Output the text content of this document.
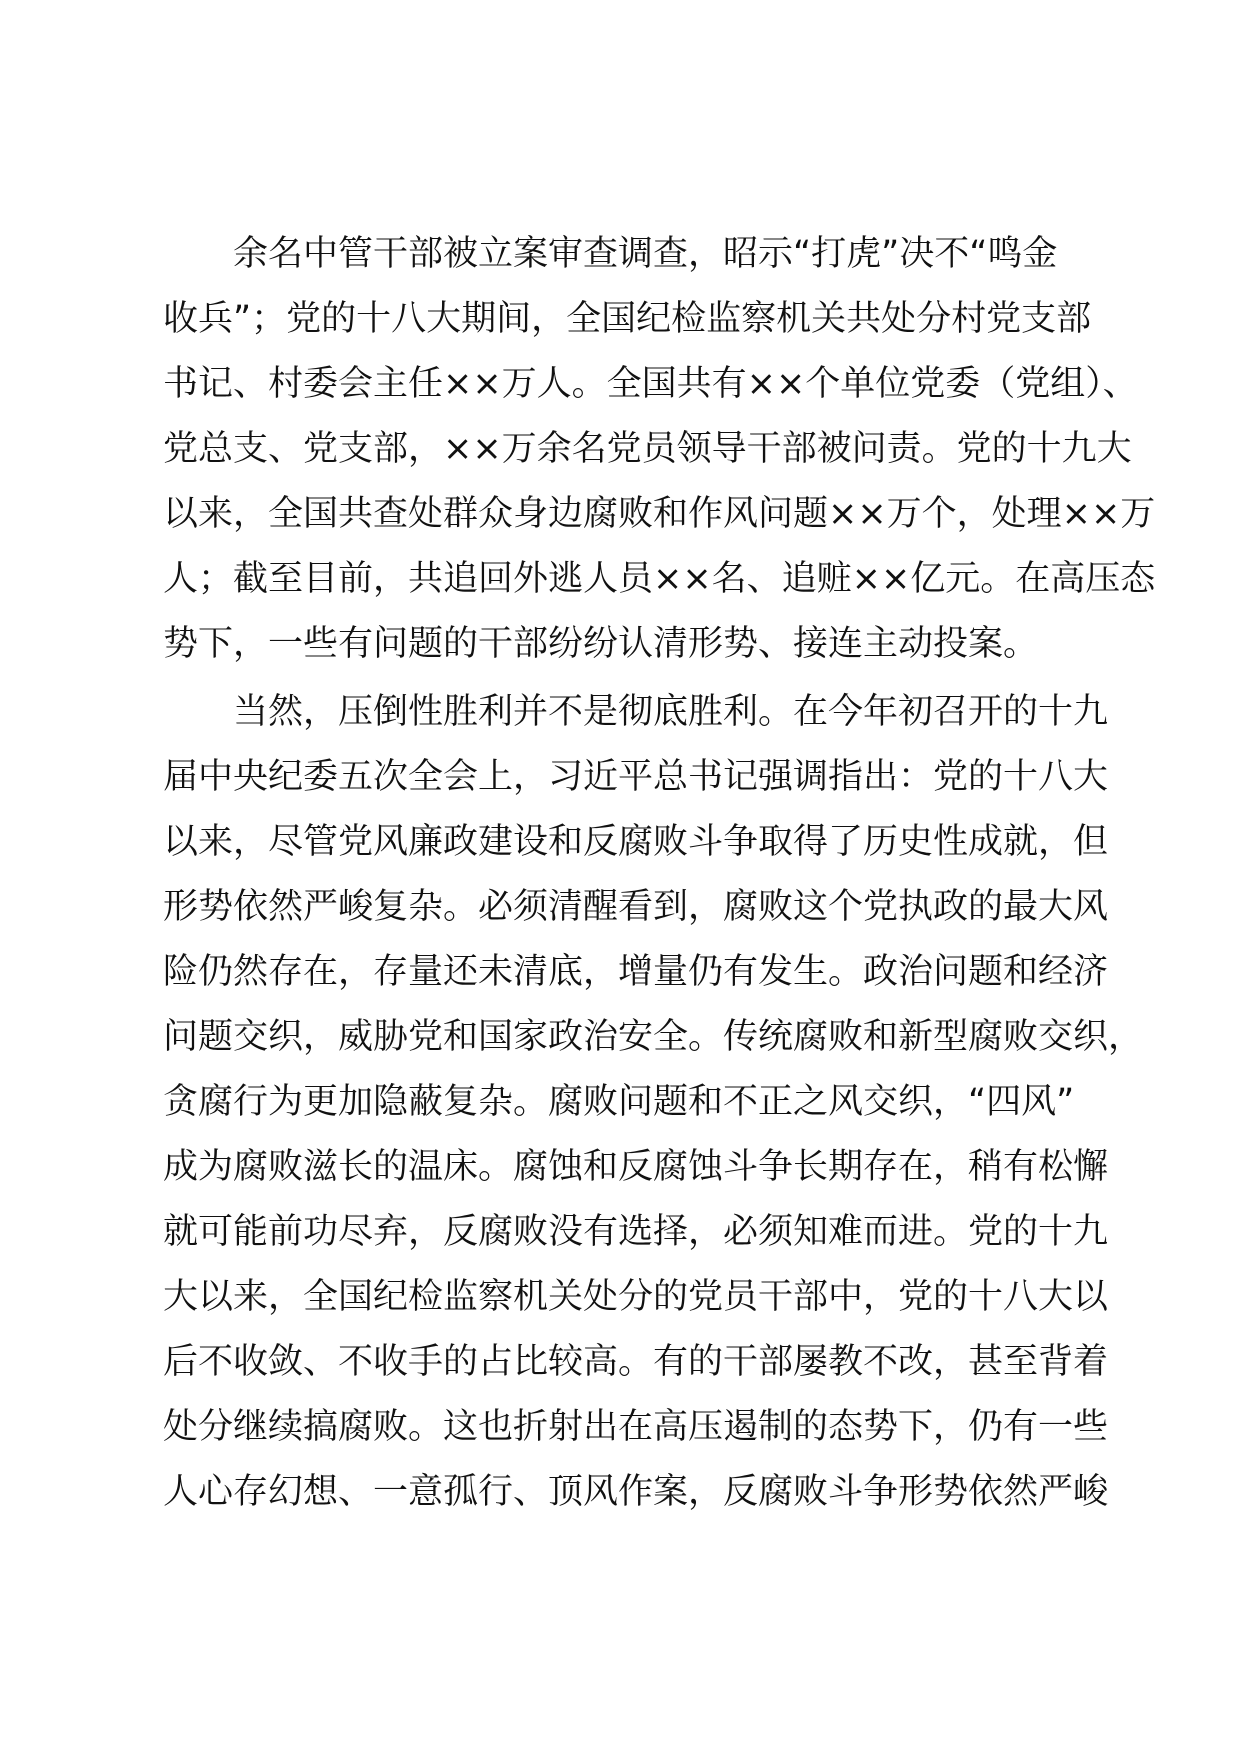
余名中管干部被立案审查调查，昭示“打虎”决不“鸣金
收兵”；党的十八大期间，全国纪检监察机关共处分村党支部
书记、村委会主任××万人。全国共有××个单位党委（党组）、
党总支、党支部，××万余名党员领导干部被问责。党的十九大
以来，全国共查处群众身边腐败和作风问题××万个，处理××万
人；截至目前，共追回外逃人员××名、追赃××亿元。在高压态
势下，一些有问题的干部纷纷认清形势、接连主动投案。
当然，压倒性胜利并不是彻底胜利。在今年初召开的十九
届中央纪委五次全会上，习近平总书记强调指出：党的十八大
以来，尽管党风廉政建设和反腐败斗争取得了历史性成就，但
形势依然严峻复杂。必须清醒看到，腐败这个党执政的最大风
险仍然存在，存量还未清底，增量仍有发生。政治问题和经济
问题交织，威胁党和国家政治安全。传统腐败和新型腐败交织，
贪腐行为更加隐蔽复杂。腐败问题和不正之风交织，“四风”
成为腐败滋长的温床。腐蚀和反腐蚀斗争长期存在，稍有松懈
就可能前功尽弃，反腐败没有选择，必须知难而进。党的十九
大以来，全国纪检监察机关处分的党员干部中，党的十八大以
后不收敛、不收手的占比较高。有的干部屡教不改，甚至背着
处分继续搞腐败。这也折射出在高压遏制的态势下，仍有一些
人心存幻想、一意孤行、顶风作案，反腐败斗争形势依然严峻
